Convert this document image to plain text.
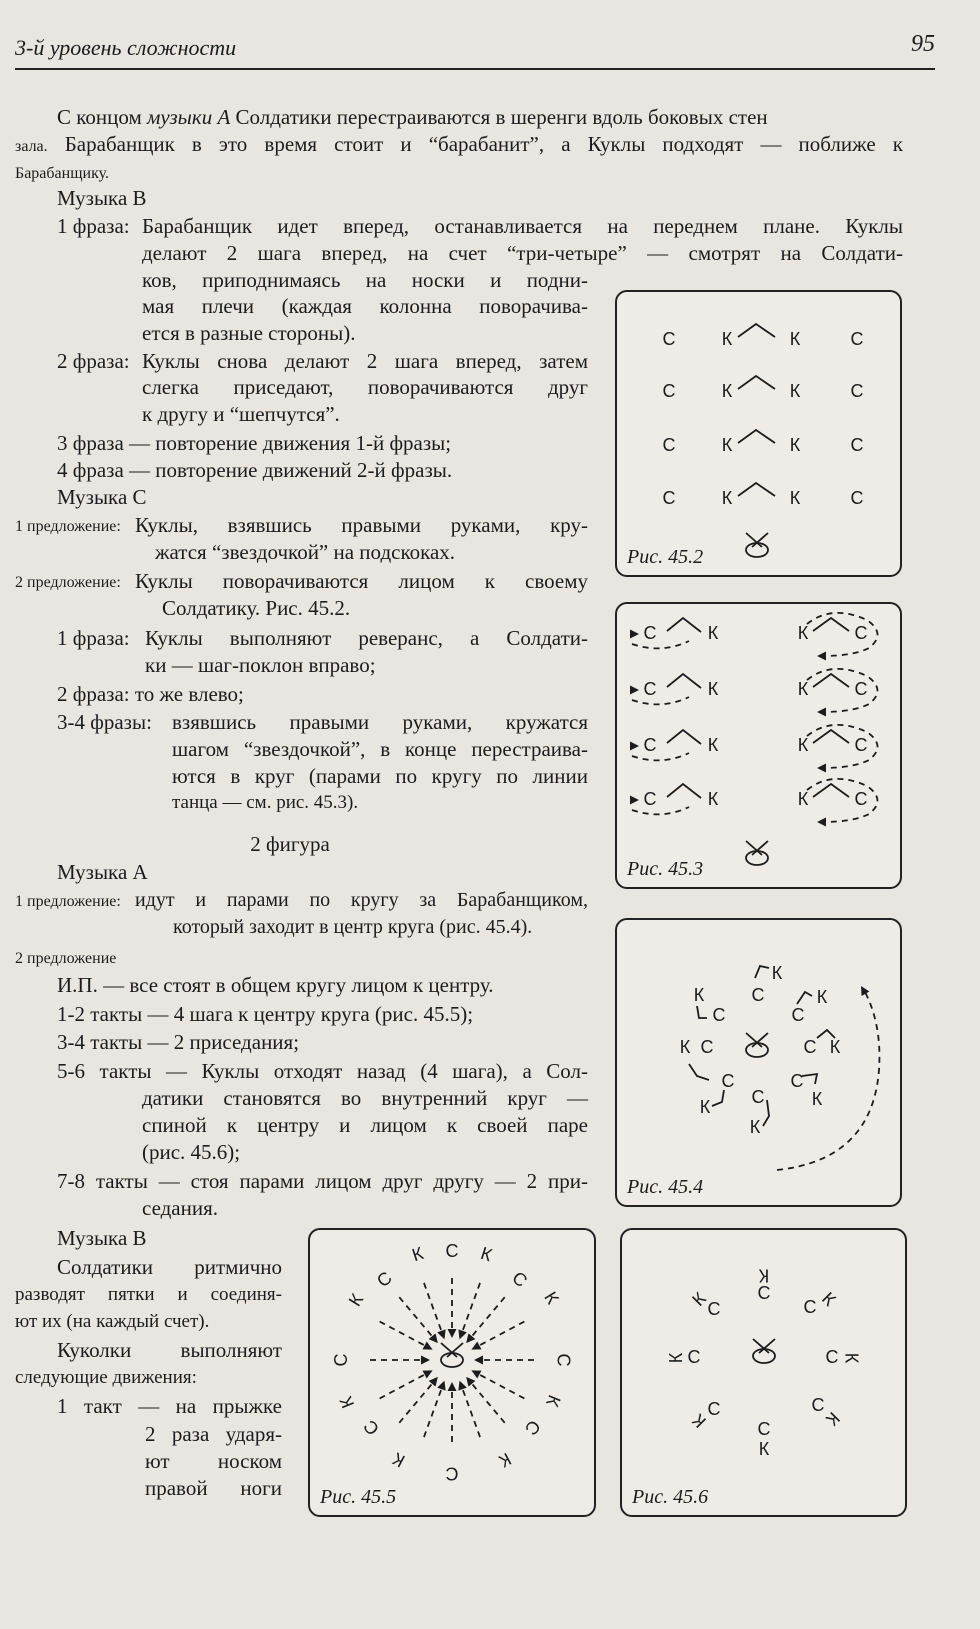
3-й уровень сложности	95
С концом музыки А Солдатики перестраиваются в шеренги вдоль боковых стен
зала. Барабанщик в это время стоит и “барабанит”, а Куклы подходят — поближе к
Барабанщику.
Музыка В
1 фраза: Барабанщик идет вперед, останавливается на переднем плане. Куклы
делают 2 шага вперед, на счет “три-четыре” — смотрят на Солдати-
ков, приподнимаясь на носки и подни-
мая плечи (каждая колонна поворачива-
ется в разные стороны).
2 фраза: Куклы снова делают 2 шага вперед, затем
слегка приседают, поворачиваются друг
к другу и “шепчутся”.
3 фраза — повторение движения 1-й фразы;
4 фраза — повторение движений 2-й фразы.
Музыка С
1 предложение: Куклы, взявшись правыми руками, кру-
жатся “звездочкой” на подскоках.
2 предложение: Куклы поворачиваются лицом к своему
Солдатику. Рис. 45.2.
1 фраза: Куклы выполняют реверанс, а Солдати-
ки — шаг-поклон вправо;
2 фраза: то же влево;
3-4 фразы: взявшись правыми руками, кружатся
шагом “звездочкой”, в конце перестраива-
ются в круг (парами по кругу по линии
танца — см. рис. 45.3).
2 фигура
Музыка А
1 предложение: идут и парами по кругу за Барабанщиком,
который заходит в центр круга (рис. 45.4).
2 предложение
И.П. — все стоят в общем кругу лицом к центру.
1-2 такты — 4 шага к центру круга (рис. 45.5);
3-4 такты — 2 приседания;
5-6 такты — Куклы отходят назад (4 шага), а Сол-
датики становятся во внутренний круг —
спиной к центру и лицом к своей паре
(рис. 45.6);
7-8 такты — стоя парами лицом друг другу — 2 при-
седания.
Музыка В
Солдатики ритмично
разводят пятки и соединя-
ют их (на каждый счет).
Куколки выполняют
следующие движения:
1 такт — на прыжке
2 раза ударя-
ют носком
правой ноги
С	К	К	С
С	К	К	С
С	К	К	С
С	К	К	С
Рис. 45.2
С	К	К	С
С	К	К	С
С	К	К	С
С	К	К	С
Рис. 45.3
К
С
К
С
К
С
К С	С К
С
К
С
К
С
К
Рис. 45.4
С К
К
С
С
К
К
С
С
К
К
С
С
К
К
С
Рис. 45.5
К
С
К
С	К
С
К С	С К
С
К
С
К
С
К
Рис. 45.6
